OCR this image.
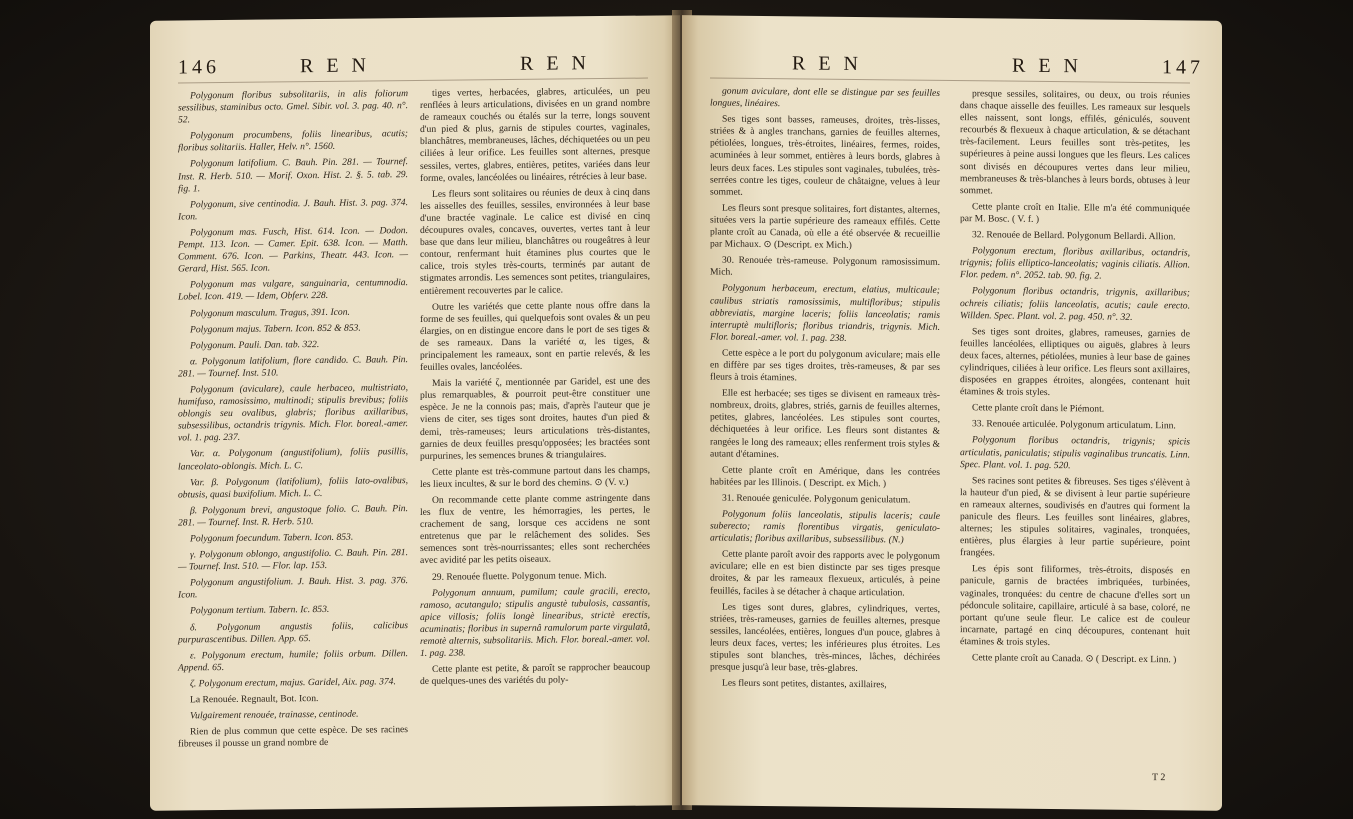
146	R E N	R E N

Polygonum floribus subsolitariis, in alis foliorum sessilibus, staminibus octo. Gmel. Sibir. vol. 3. pag. 40. n°. 52.

Polygonum procumbens, foliis linearibus, acutis; floribus solitariis. Haller, Helv. n°. 1560.

Polygonum latifolium. C. Bauh. Pin. 281. — Tournef. Inst. R. Herb. 510. — Morif. Oxon. Hist. 2. §. 5. tab. 29. fig. 1.

Polygonum, sive centinodia. J. Bauh. Hist. 3. pag. 374. Icon.

Polygonum mas. Fusch, Hist. 614. Icon. — Dodon. Pempt. 113. Icon. — Camer. Epit. 638. Icon. — Matth. Comment. 676. Icon. — Parkins, Theatr. 443. Icon. — Gerard, Hist. 565. Icon.

Polygonum mas vulgare, sanguinaria, centumnodia. Lobel. Icon. 419. — Idem, Obferv. 228.

Polygonum masculum. Tragus, 391. Icon.

Polygonum majus. Tabern. Icon. 852 & 853.

Polygonum. Pauli. Dan. tab. 322.

α. Polygonum latifolium, flore candido. C. Bauh. Pin. 281. — Tournef. Inst. 510.

Polygonum (aviculare), caule herbaceo, multistriato, humifuso, ramosissimo, multinodi; stipulis brevibus; foliis oblongis seu ovalibus, glabris; floribus axillaribus, subsessilibus, octandris trigynis. Mich. Flor. boreal.-amer. vol. 1. pag. 237.

Var. α. Polygonum (angustifolium), foliis pusillis, lanceolato-oblongis. Mich. L. C.

Var. β. Polygonum (latifolium), foliis lato-ovalibus, obtusis, quasi buxifolium. Mich. L. C.

β. Polygonum brevi, angustoque folio. C. Bauh. Pin. 281. — Tournef. Inst. R. Herb. 510.

Polygonum foecundum. Tabern. Icon. 853.

γ. Polygonum oblongo, angustifolio. C. Bauh. Pin. 281. — Tournef. Inst. 510. — Flor. lap. 153.

Polygonum angustifolium. J. Bauh. Hist. 3. pag. 376. Icon.

Polygonum tertium. Tabern. Ic. 853.

δ. Polygonum angustis foliis, calicibus purpurascentibus. Dillen. App. 65.

ε. Polygonum erectum, humile; foliis orbum. Dillen. Append. 65.

ζ. Polygonum erectum, majus. Garidel, Aix. pag. 374.

La Renouée. Regnault, Bot. Icon.

Vulgairement renouée, trainasse, centinode.

Rien de plus commun que cette espèce. De ses racines fibreuses il pousse un grand nombre de

tiges vertes, herbacées, glabres, articulées, un peu renflées à leurs articulations, divisées en un grand nombre de rameaux couchés ou étalés sur la terre, longs souvent d'un pied & plus, garnis de stipules courtes, vaginales, blanchâtres, membraneuses, lâches, déchiquetées ou un peu ciliées à leur orifice. Les feuilles sont alternes, presque sessiles, vertes, glabres, entières, petites, variées dans leur forme, ovales, lancéolées ou linéaires, rétrécies à leur base.

Les fleurs sont solitaires ou réunies de deux à cinq dans les aisselles des feuilles, sessiles, environnées à leur base d'une bractée vaginale. Le calice est divisé en cinq découpures ovales, concaves, ouvertes, vertes tant à leur base que dans leur milieu, blanchâtres ou rougeâtres à leur contour, renfermant huit étamines plus courtes que le calice, trois styles très-courts, terminés par autant de stigmates arrondis. Les semences sont petites, triangulaires, entièrement recouvertes par le calice.

Outre les variétés que cette plante nous offre dans la forme de ses feuilles, qui quelquefois sont ovales & un peu élargies, on en distingue encore dans le port de ses tiges & de ses rameaux. Dans la variété α, les tiges, & principalement les rameaux, sont en partie relevés, & les feuilles ovales, lancéolées.

Mais la variété ζ, mentionnée par Garidel, est une des plus remarquables, & pourroit peut-être constituer une espèce. Je ne la connois pas; mais, d'après l'auteur que je viens de citer, ses tiges sont droites, hautes d'un pied & demi, très-rameuses; leurs articulations très-distantes, garnies de deux feuilles presqu'opposées; les bractées sont purpurines, les semences brunes & triangulaires.

Cette plante est très-commune partout dans les champs, les lieux incultes, & sur le bord des chemins. ⊙ (V. v.)

On recommande cette plante comme astringente dans les flux de ventre, les hémorragies, les pertes, le crachement de sang, lorsque ces accidens ne sont entretenus que par le relâchement des solides. Ses semences sont très-nourrissantes; elles sont recherchées avec avidité par les petits oiseaux.

29. Renouée fluette. Polygonum tenue. Mich.

Polygonum annuum, pumilum; caule gracili, erecto, ramoso, acutangulo; stipulis angustè tubulosis, cassantis, apice villosis; foliis longè linearibus, strictè erectis, acuminatis; floribus in supernâ ramulorum parte virgulatâ, remotè alternis, subsolitariis. Mich. Flor. boreal.-amer. vol. 1. pag. 238.

Cette plante est petite, & paroît se rapprocher beaucoup de quelques-unes des variétés du poly-

R E N	R E N	147

gonum aviculare, dont elle se distingue par ses feuilles longues, linéaires.

Ses tiges sont basses, rameuses, droites, très-lisses, striées & à angles tranchans, garnies de feuilles alternes, pétiolées, longues, très-étroites, linéaires, fermes, roides, acuminées à leur sommet, entières à leurs bords, glabres à leurs deux faces. Les stipules sont vaginales, tubulées, très-serrées contre les tiges, couleur de châtaigne, velues à leur sommet.

Les fleurs sont presque solitaires, fort distantes, alternes, situées vers la partie supérieure des rameaux effilés. Cette plante croît au Canada, où elle a été observée & recueillie par Michaux. ⊙ (Descript. ex Mich.)

30. Renouée très-rameuse. Polygonum ramosissimum. Mich.

Polygonum herbaceum, erectum, elatius, multicaule; caulibus striatis ramosissimis, multifloribus; stipulis abbreviatis, margine laceris; foliis lanceolatis; ramis interruptè multifloris; floribus triandris, trigynis. Mich. Flor. boreal.-amer. vol. 1. pag. 238.

Cette espèce a le port du polygonum aviculare; mais elle en diffère par ses tiges droites, très-rameuses, & par ses fleurs à trois étamines.

Elle est herbacée; ses tiges se divisent en rameaux très-nombreux, droits, glabres, striés, garnis de feuilles alternes, petites, glabres, lancéolées. Les stipules sont courtes, déchiquetées à leur orifice. Les fleurs sont distantes & rangées le long des rameaux; elles renferment trois styles & autant d'étamines.

Cette plante croît en Amérique, dans les contrées habitées par les Illinois. ( Descript. ex Mich. )

31. Renouée geniculée. Polygonum geniculatum.

Polygonum foliis lanceolatis, stipulis laceris; caule suberecto; ramis florentibus virgatis, geniculato-articulatis; floribus axillaribus, subsessilibus. (N.)

Cette plante paroît avoir des rapports avec le polygonum aviculare; elle en est bien distincte par ses tiges presque droites, & par les rameaux flexueux, articulés, à peine feuillés, faciles à se détacher à chaque articulation.

Les tiges sont dures, glabres, cylindriques, vertes, striées, très-rameuses, garnies de feuilles alternes, presque sessiles, lancéolées, entières, longues d'un pouce, glabres à leurs deux faces, vertes; les inférieures plus étroites. Les stipules sont blanches, très-minces, lâches, déchirées presque jusqu'à leur base, très-glabres.

Les fleurs sont petites, distantes, axillaires,

presque sessiles, solitaires, ou deux, ou trois réunies dans chaque aisselle des feuilles. Les rameaux sur lesquels elles naissent, sont longs, effilés, géniculés, souvent recourbés & flexueux à chaque articulation, & se détachant très-facilement. Leurs feuilles sont très-petites, les supérieures à peine aussi longues que les fleurs. Les calices sont divisés en découpures vertes dans leur milieu, membraneuses & très-blanches à leurs bords, obtuses à leur sommet.

Cette plante croît en Italie. Elle m'a été communiquée par M. Bosc. ( V. f. )

32. Renouée de Bellard. Polygonum Bellardi. Allion.

Polygonum erectum, floribus axillaribus, octandris, trigynis; foliis elliptico-lanceolatis; vaginis ciliatis. Allion. Flor. pedem. n°. 2052. tab. 90. fig. 2.

Polygonum floribus octandris, trigynis, axillaribus; ochreis ciliatis; foliis lanceolatis, acutis; caule erecto. Willden. Spec. Plant. vol. 2. pag. 450. n°. 32.

Ses tiges sont droites, glabres, rameuses, garnies de feuilles lancéolées, elliptiques ou aiguës, glabres à leurs deux faces, alternes, pétiolées, munies à leur base de gaines cylindriques, ciliées à leur orifice. Les fleurs sont axillaires, disposées en grappes étroites, alongées, contenant huit étamines & trois styles.

Cette plante croît dans le Piémont.

33. Renouée articulée. Polygonum articulatum. Linn.

Polygonum floribus octandris, trigynis; spicis articulatis, paniculatis; stipulis vaginalibus truncatis. Linn. Spec. Plant. vol. 1. pag. 520.

Ses racines sont petites & fibreuses. Ses tiges s'élèvent à la hauteur d'un pied, & se divisent à leur partie supérieure en rameaux alternes, soudivisés en d'autres qui forment la panicule des fleurs. Les feuilles sont linéaires, glabres, alternes; les stipules solitaires, vaginales, tronquées, entières, plus élargies à leur partie supérieure, point frangées.

Les épis sont filiformes, très-étroits, disposés en panicule, garnis de bractées imbriquées, turbinées, vaginales, tronquées: du centre de chacune d'elles sort un pédoncule solitaire, capillaire, articulé à sa base, coloré, ne portant qu'une seule fleur. Le calice est de couleur incarnate, partagé en cinq découpures, contenant huit étamines & trois styles.

Cette plante croît au Canada. ⊙ ( Descript. ex Linn. )

T 2
